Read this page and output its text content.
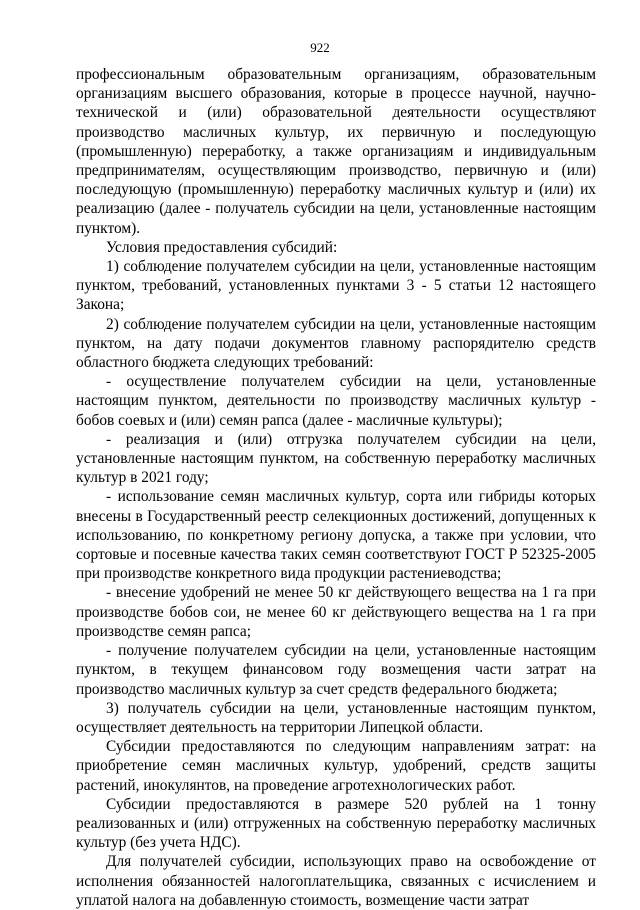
922

профессиональным образовательным организациям, образовательным организациям высшего образования, которые в процессе научной, научно-технической и (или) образовательной деятельности осуществляют производство масличных культур, их первичную и последующую (промышленную) переработку, а также организациям и индивидуальным предпринимателям, осуществляющим производство, первичную и (или) последующую (промышленную) переработку масличных культур и (или) их реализацию (далее - получатель субсидии на цели, установленные настоящим пунктом).

Условия предоставления субсидий:

1) соблюдение получателем субсидии на цели, установленные настоящим пунктом, требований, установленных пунктами 3 - 5 статьи 12 настоящего Закона;

2) соблюдение получателем субсидии на цели, установленные настоящим пунктом, на дату подачи документов главному распорядителю средств областного бюджета следующих требований:

- осуществление получателем субсидии на цели, установленные настоящим пунктом, деятельности по производству масличных культур - бобов соевых и (или) семян рапса (далее - масличные культуры);

- реализация и (или) отгрузка получателем субсидии на цели, установленные настоящим пунктом, на собственную переработку масличных культур в 2021 году;

- использование семян масличных культур, сорта или гибриды которых внесены в Государственный реестр селекционных достижений, допущенных к использованию, по конкретному региону допуска, а также при условии, что сортовые и посевные качества таких семян соответствуют ГОСТ Р 52325-2005 при производстве конкретного вида продукции растениеводства;

- внесение удобрений не менее 50 кг действующего вещества на 1 га при производстве бобов сои, не менее 60 кг действующего вещества на 1 га при производстве семян рапса;

- получение получателем субсидии на цели, установленные настоящим пунктом, в текущем финансовом году возмещения части затрат на производство масличных культур за счет средств федерального бюджета;

3) получатель субсидии на цели, установленные настоящим пунктом, осуществляет деятельность на территории Липецкой области.

Субсидии предоставляются по следующим направлениям затрат: на приобретение семян масличных культур, удобрений, средств защиты растений, инокулянтов, на проведение агротехнологических работ.

Субсидии предоставляются в размере 520 рублей на 1 тонну реализованных и (или) отгруженных на собственную переработку масличных культур (без учета НДС).

Для получателей субсидии, использующих право на освобождение от исполнения обязанностей налогоплательщика, связанных с исчислением и уплатой налога на добавленную стоимость, возмещение части затрат
